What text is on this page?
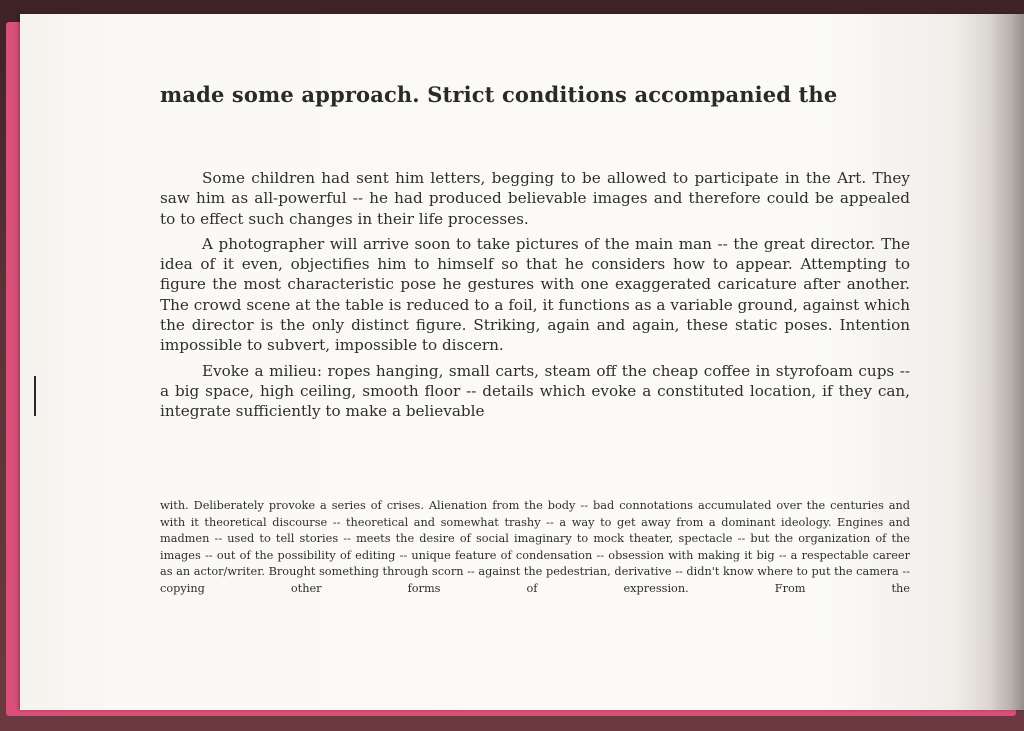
made some approach. Strict conditions accompanied the

Some children had sent him letters, begging to be allowed to participate in the Art. They saw him as all-powerful -- he had produced believable images and therefore could be appealed to to effect such changes in their life processes.

A photographer will arrive soon to take pictures of the main man -- the great director. The idea of it even, objectifies him to himself so that he considers how to appear. Attempting to figure the most characteristic pose he gestures with one exaggerated caricature after another. The crowd scene at the table is reduced to a foil, it functions as a variable ground, against which the director is the only distinct figure. Striking, again and again, these static poses. Intention impossible to subvert, impossible to discern.

Evoke a milieu: ropes hanging, small carts, steam off the cheap coffee in styrofoam cups -- a big space, high ceiling, smooth floor -- details which evoke a constituted location, if they can, integrate sufficiently to make a believable

with. Deliberately provoke a series of crises. Alienation from the body -- bad connotations accumulated over the centuries and with it theoretical discourse -- theoretical and somewhat trashy -- a way to get away from a dominant ideology. Engines and madmen -- used to tell stories -- meets the desire of social imaginary to mock theater, spectacle -- but the organization of the images -- out of the possibility of editing -- unique feature of condensation -- obsession with making it big -- a respectable career as an actor/writer. Brought something through scorn -- against the pedestrian, derivative -- didn't know where to put the camera -- copying other forms of expression. From the
